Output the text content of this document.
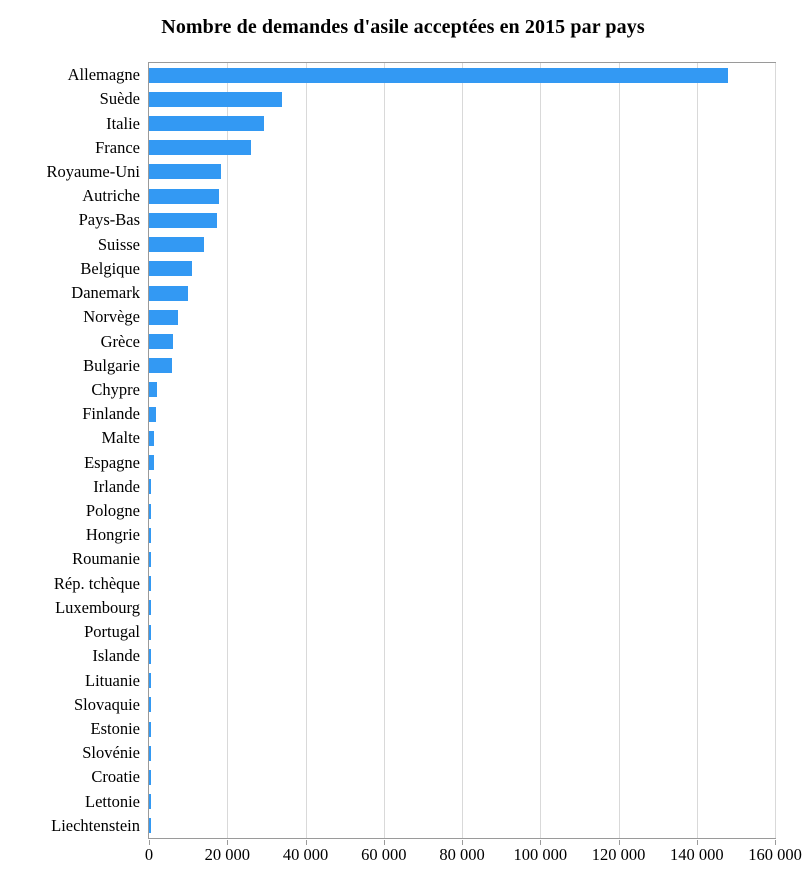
Nombre de demandes d'asile acceptées en 2015 par pays
Allemagne
Suède
Italie
France
Royaume-Uni
Autriche
Pays-Bas
Suisse
Belgique
Danemark
Norvège
Grèce
Bulgarie
Chypre
Finlande
Malte
Espagne
Irlande
Pologne
Hongrie
Roumanie
Rép. tchèque
Luxembourg
Portugal
Islande
Lituanie
Slovaquie
Estonie
Slovénie
Croatie
Lettonie
Liechtenstein
0	20 000 40 000 60 000 80 000 100 000 120 000 140 000 160 000
